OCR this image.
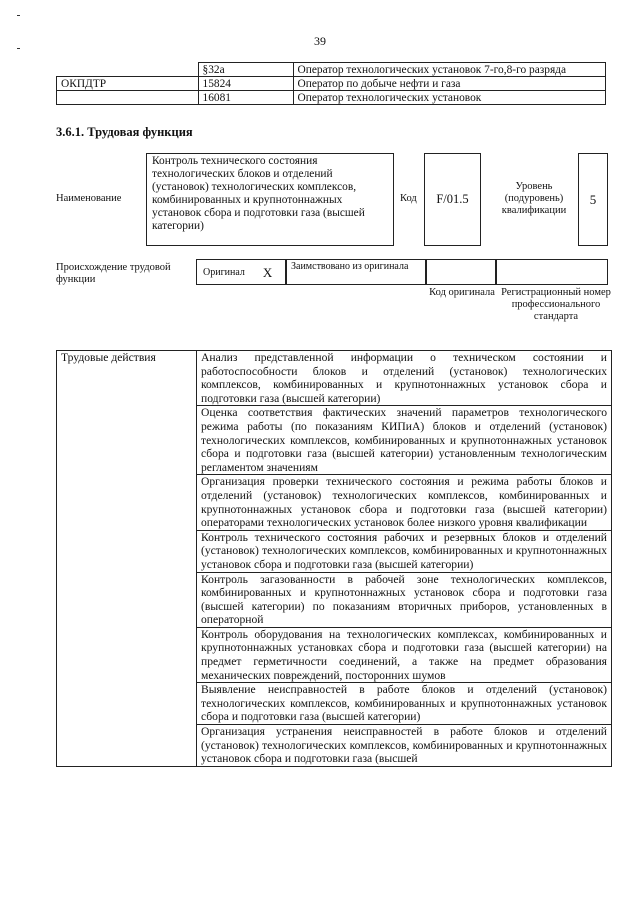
39
	§32а	Оператор технологических установок 7-го,8-го разряда
ОКПДТР	15824	Оператор по добыче нефти и газа
	16081	Оператор технологических установок
3.6.1. Трудовая функция
Наименование
Контроль технического состояния технологических блоков и отделений (установок) технологических комплексов, комбинированных и крупнотоннажных установок сбора и подготовки газа (высшей категории)
Код	F/01.5
Уровень (подуровень) квалификации
5
Происхождение трудовой функции
Оригинал X	Заимствовано из оригинала
Код оригинала Регистрационный номер профессионального стандарта
Трудовые действия	Анализ представленной информации о техническом состоянии и работоспособности блоков и отделений (установок) технологических комплексов, комбинированных и крупнотоннажных установок сбора и подготовки газа (высшей категории)
Оценка соответствия фактических значений параметров технологического режима работы (по показаниям КИПиА) блоков и отделений (установок) технологических комплексов, комбинированных и крупнотоннажных установок сбора и подготовки газа (высшей категории) установленным технологическим регламентом значениям
Организация проверки технического состояния и режима работы блоков и отделений (установок) технологических комплексов, комбинированных и крупнотоннажных установок сбора и подготовки газа (высшей категории) операторами технологических установок более низкого уровня квалификации
Контроль технического состояния рабочих и резервных блоков и отделений (установок) технологических комплексов, комбинированных и крупнотоннажных установок сбора и подготовки газа (высшей категории)
Контроль загазованности в рабочей зоне технологических комплексов, комбинированных и крупнотоннажных установок сбора и подготовки газа (высшей категории) по показаниям вторичных приборов, установленных в операторной
Контроль оборудования на технологических комплексах, комбинированных и крупнотоннажных установках сбора и подготовки газа (высшей категории) на предмет герметичности соединений, а также на предмет образования механических повреждений, посторонних шумов
Выявление неисправностей в работе блоков и отделений (установок) технологических комплексов, комбинированных и крупнотоннажных установок сбора и подготовки газа (высшей категории)
Организация устранения неисправностей в работе блоков и отделений (установок) технологических комплексов, комбинированных и крупнотоннажных установок сбора и подготовки газа (высшей
